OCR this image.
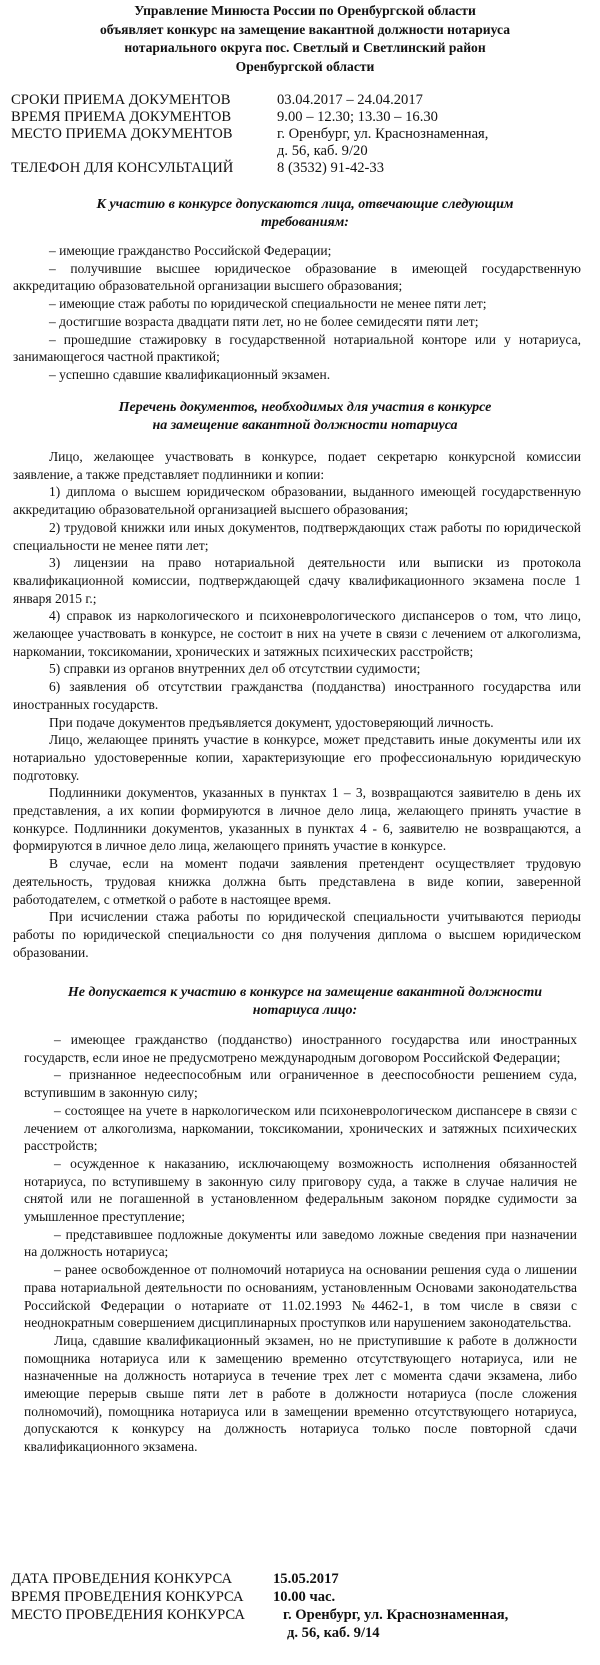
Управление Минюста России по Оренбургской области
объявляет конкурс на замещение вакантной должности нотариуса
нотариального округа пос. Светлый и Светлинский район
Оренбургской области
СРОКИ ПРИЕМА ДОКУМЕНТОВ	03.04.2017 – 24.04.2017
ВРЕМЯ ПРИЕМА ДОКУМЕНТОВ	9.00 – 12.30; 13.30 – 16.30
МЕСТО ПРИЕМА ДОКУМЕНТОВ	г. Оренбург, ул. Краснознаменная,
д. 56, каб. 9/20
ТЕЛЕФОН ДЛЯ КОНСУЛЬТАЦИЙ	8 (3532) 91-42-33
К участию в конкурсе допускаются лица, отвечающие следующим
требованиям:
‒ имеющие гражданство Российской Федерации;
‒ получившие высшее юридическое образование в имеющей государственную аккредитацию образовательной организации высшего образования;
‒ имеющие стаж работы по юридической специальности не менее пяти лет;
‒ достигшие возраста двадцати пяти лет, но не более семидесяти пяти лет;
‒ прошедшие стажировку в государственной нотариальной конторе или у нотариуса, занимающегося частной практикой;
‒ успешно сдавшие квалификационный экзамен.
Перечень документов, необходимых для участия в конкурсе
на замещение вакантной должности нотариуса
Лицо, желающее участвовать в конкурсе, подает секретарю конкурсной комиссии заявление, а также представляет подлинники и копии:
1) диплома о высшем юридическом образовании, выданного имеющей государственную аккредитацию образовательной организацией высшего образования;
2) трудовой книжки или иных документов, подтверждающих стаж работы по юридической специальности не менее пяти лет;
3) лицензии на право нотариальной деятельности или выписки из протокола квалификационной комиссии, подтверждающей сдачу квалификационного экзамена после 1 января 2015 г.;
4) справок из наркологического и психоневрологического диспансеров о том, что лицо, желающее участвовать в конкурсе, не состоит в них на учете в связи с лечением от алкоголизма, наркомании, токсикомании, хронических и затяжных психических расстройств;
5) справки из органов внутренних дел об отсутствии судимости;
6) заявления об отсутствии гражданства (подданства) иностранного государства или иностранных государств.
При подаче документов предъявляется документ, удостоверяющий личность.
Лицо, желающее принять участие в конкурсе, может представить иные документы или их нотариально удостоверенные копии, характеризующие его профессиональную юридическую подготовку.
Подлинники документов, указанных в пунктах 1 – 3, возвращаются заявителю в день их представления, а их копии формируются в личное дело лица, желающего принять участие в конкурсе. Подлинники документов, указанных в пунктах 4 - 6, заявителю не возвращаются, а формируются в личное дело лица, желающего принять участие в конкурсе.
В случае, если на момент подачи заявления претендент осуществляет трудовую деятельность, трудовая книжка должна быть представлена в виде копии, заверенной работодателем, с отметкой о работе в настоящее время.
При исчислении стажа работы по юридической специальности учитываются периоды работы по юридической специальности со дня получения диплома о высшем юридическом образовании.
Не допускается к участию в конкурсе на замещение вакантной должности
нотариуса лицо:
‒ имеющее гражданство (подданство) иностранного государства или иностранных государств, если иное не предусмотрено международным договором Российской Федерации;
‒ признанное недееспособным или ограниченное в дееспособности решением суда, вступившим в законную силу;
‒ состоящее на учете в наркологическом или психоневрологическом диспансере в связи с лечением от алкоголизма, наркомании, токсикомании, хронических и затяжных психических расстройств;
‒ осужденное к наказанию, исключающему возможность исполнения обязанностей нотариуса, по вступившему в законную силу приговору суда, а также в случае наличия не снятой или не погашенной в установленном федеральным законом порядке судимости за умышленное преступление;
‒ представившее подложные документы или заведомо ложные сведения при назначении на должность нотариуса;
‒ ранее освобожденное от полномочий нотариуса на основании решения суда о лишении права нотариальной деятельности по основаниям, установленным Основами законодательства Российской Федерации о нотариате от 11.02.1993 №4462-1, в том числе в связи с неоднократным совершением дисциплинарных проступков или нарушением законодательства.
Лица, сдавшие квалификационный экзамен, но не приступившие к работе в должности помощника нотариуса или к замещению временно отсутствующего нотариуса, или не назначенные на должность нотариуса в течение трех лет с момента сдачи экзамена, либо имеющие перерыв свыше пяти лет в работе в должности нотариуса (после сложения полномочий), помощника нотариуса или в замещении временно отсутствующего нотариуса, допускаются к конкурсу на должность нотариуса только после повторной сдачи квалификационного экзамена.
ДАТА ПРОВЕДЕНИЯ КОНКУРСА	15.05.2017
ВРЕМЯ ПРОВЕДЕНИЯ КОНКУРСА 10.00 час.
МЕСТО ПРОВЕДЕНИЯ КОНКУРСА	г. Оренбург, ул. Краснознаменная,
д. 56, каб. 9/14
